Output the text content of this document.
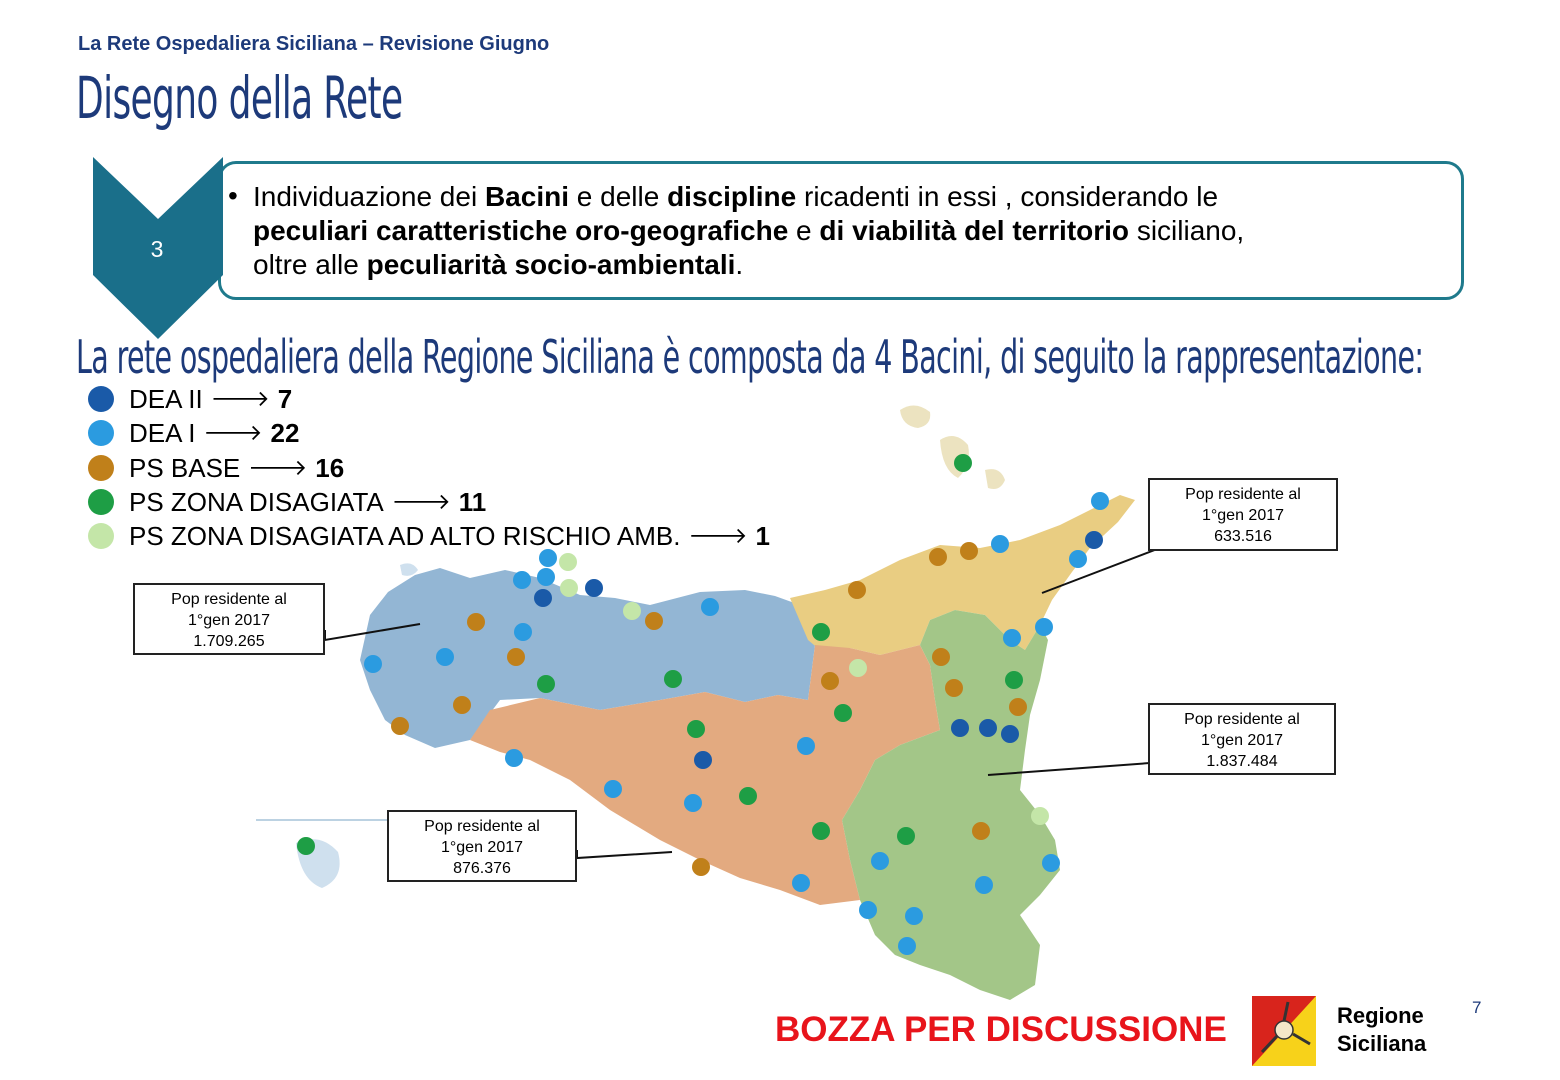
La Rete Ospedaliera Siciliana – Revisione Giugno
Disegno della Rete
3
• Individuazione dei Bacini e delle discipline ricadenti in essi , considerando le
peculiari caratteristiche oro-geografiche e di viabilità del territorio siciliano,
oltre alle peculiarità socio-ambientali.
La rete ospedaliera della Regione Siciliana è composta da 4 Bacini, di seguito la rappresentazione:
DEA II 🡒 7
DEA I 🡒 22
PS BASE 🡒 16
PS ZONA DISAGIATA 🡒 11
PS ZONA DISAGIATA AD ALTO RISCHIO AMB. 🡒 1
Pop residente al
1°gen 2017
1.709.265
Pop residente al
1°gen 2017
633.516
Pop residente al
1°gen 2017
1.837.484
Pop residente al
1°gen 2017
876.376
BOZZA PER DISCUSSIONE	Regione
Siciliana
7
